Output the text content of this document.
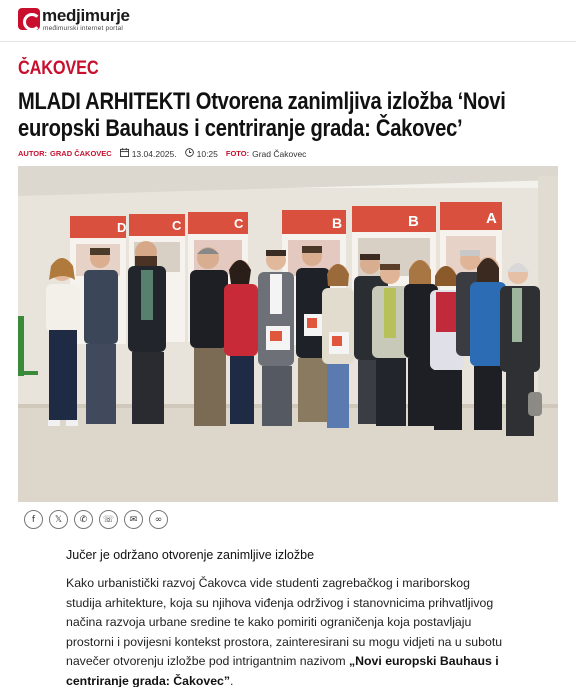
medjimurje
međimurski internet portal
ČAKOVEC
MLADI ARHITEKTI Otvorena zanimljiva izložba ‘Novi europski Bauhaus i centriranje grada: Čakovec’
AUTOR: GRAD ČAKOVEC 13.04.2025. 10:25 FOTO: Grad Čakovec
D	C	C	B	B	A
f	𝕏	✆	☏	✉	∞
Jučer je održano otvorenje zanimljive izložbe

Kako urbanistički razvoj Čakovca vide studenti zagrebačkog i mariborskog studija arhitekture, koja su njihova viđenja održivog i stanovnicima prihvatljivog načina razvoja urbane sredine te kako pomiriti ograničenja koja postavljaju prostorni i povijesni kontekst prostora, zainteresirani su mogu vidjeti na u subotu navečer otvorenju izložbe pod intrigantnim nazivom „Novi europski Bauhaus i centriranje grada: Čakovec”.
